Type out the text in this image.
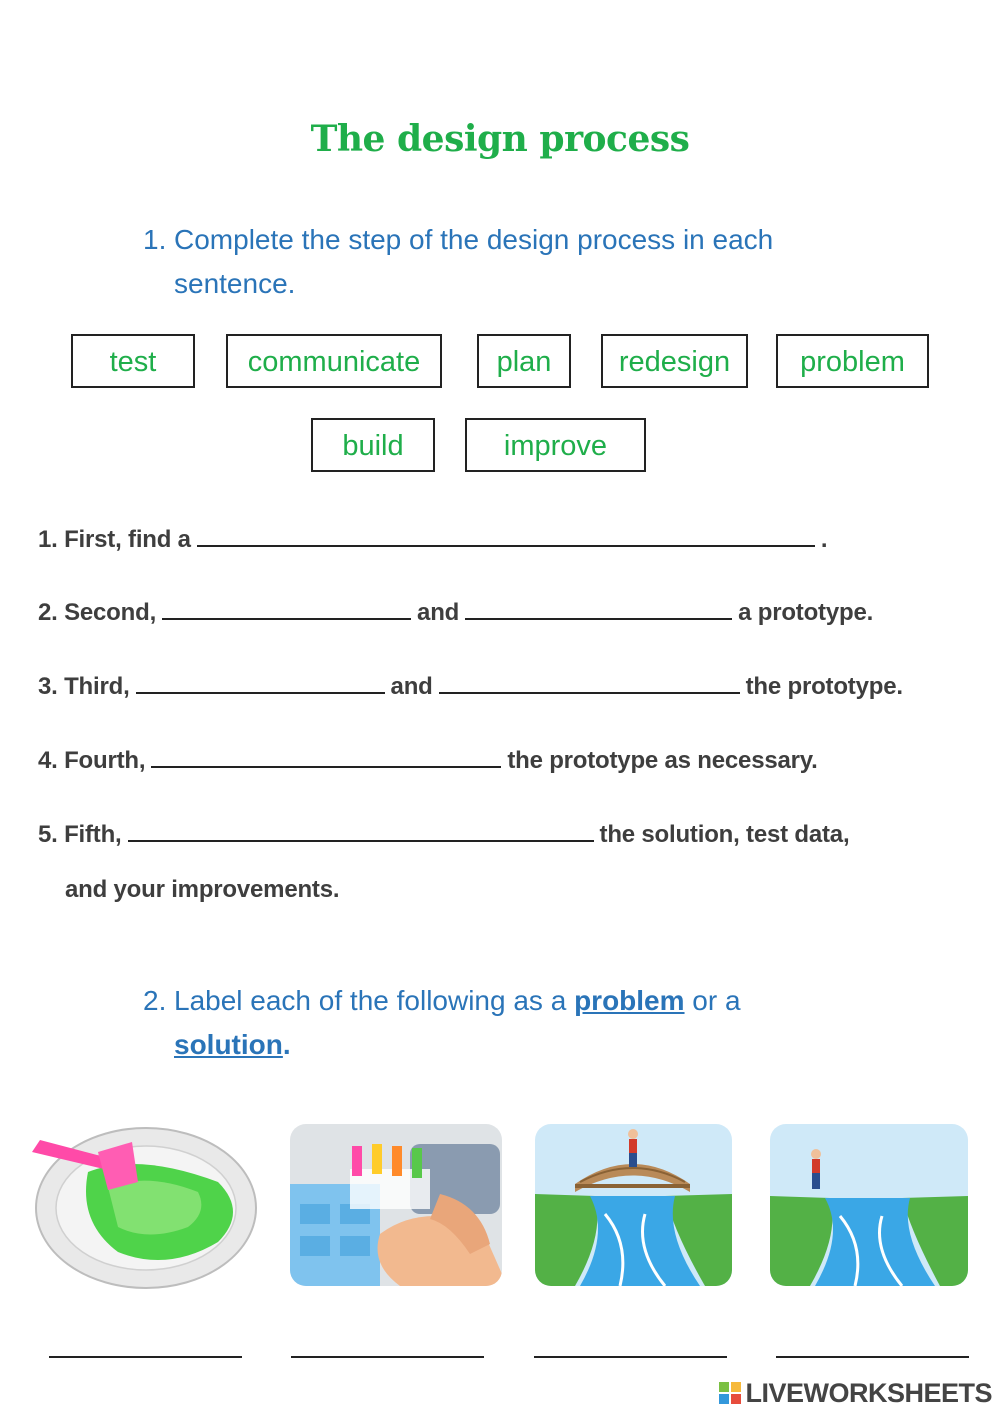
The design process
1. Complete the step of the design process in each
sentence.
test	communicate	plan	redesign	problem
build	improve
1. First, find a	.
2. Second,	and	a prototype.
3. Third,	and	the prototype.
4. Fourth,	the prototype as necessary.
5. Fifth,	the solution, test data,
and your improvements.
2. Label each of the following as a problem or a
solution.
LIVEWORKSHEETS
